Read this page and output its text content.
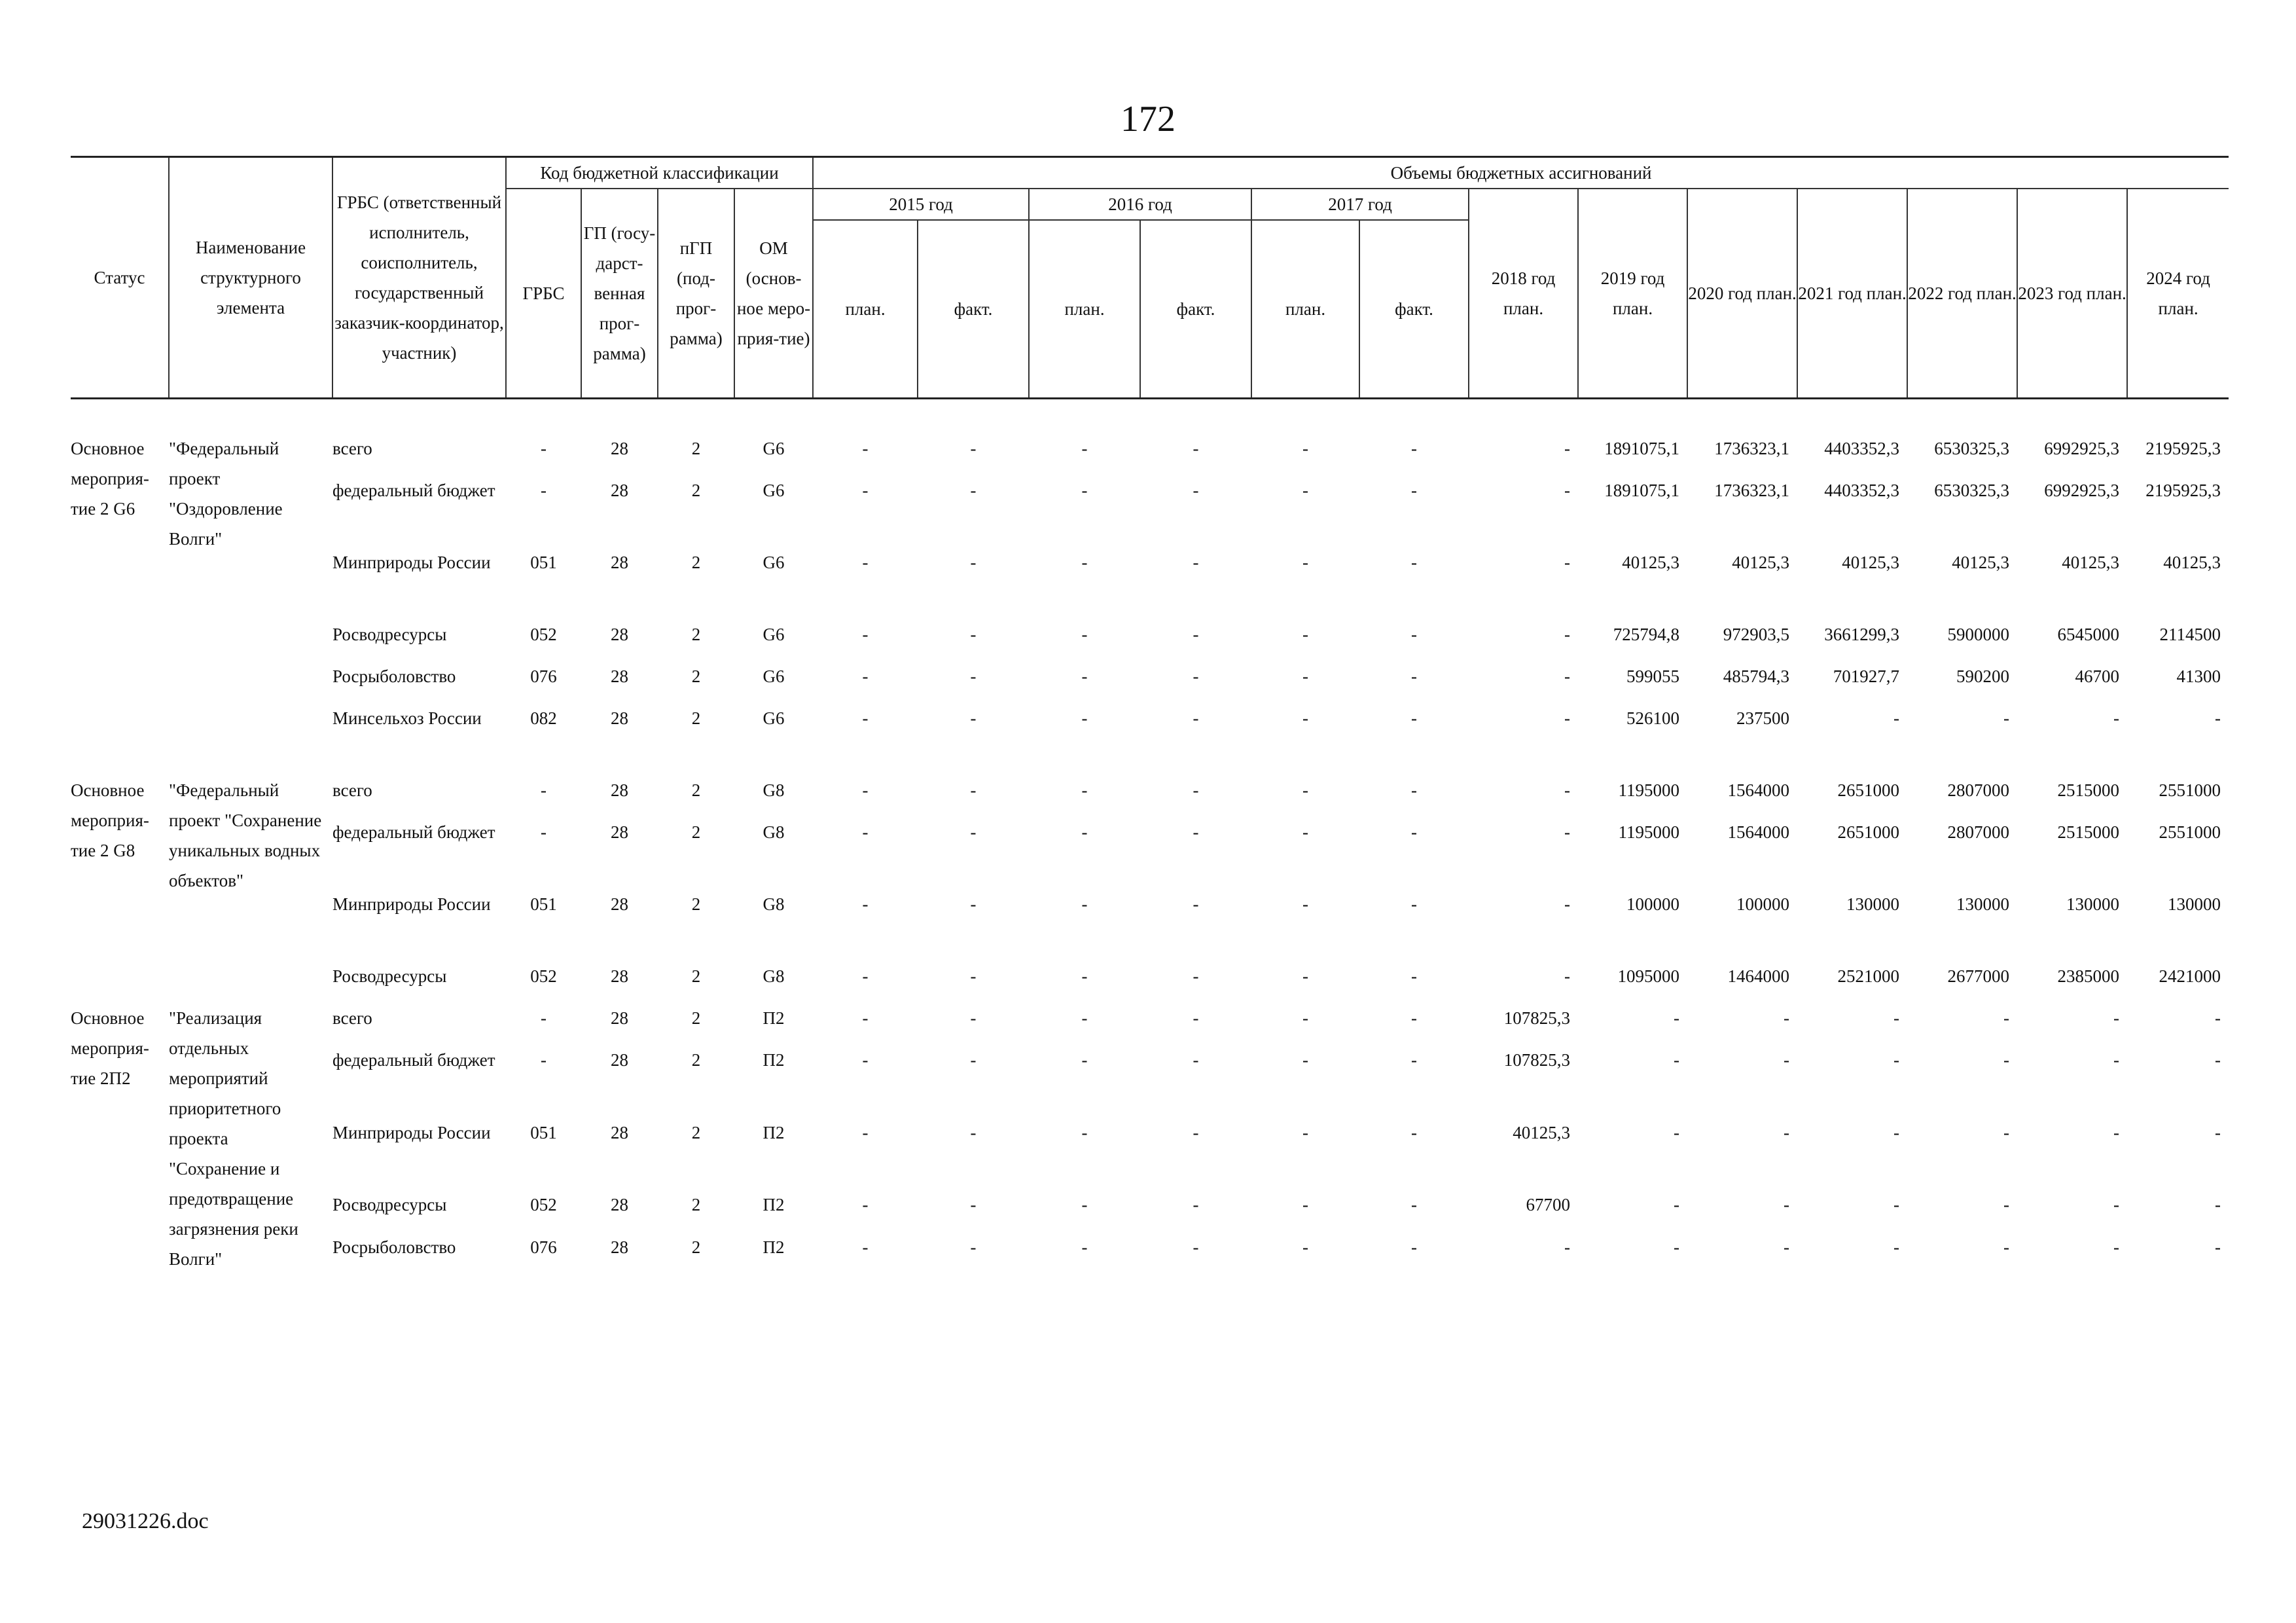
172
Статус	Наименование структурного элемента	ГРБС (ответственный исполнитель, соисполнитель, государственный заказчик-координатор, участник)	Код бюджетной классификации				Объемы бюджетных ассигнований												
			ГРБС	ГП (госу-дарст-венная прог-рамма)	пГП (под-прог-рамма)	ОМ (основ-ное меро-прия-тие)	2015 год		2016 год		2017 год		2018 год план.	2019 год план.	2020 год план.	2021 год план.	2022 год план.	2023 год план.	2024 год план.
							план.	факт.	план.	факт.	план.	факт.							
Основное мероприя-тие 2 G6	"Федеральный проект "Оздоровление Волги"	всего	-	28	2	G6	-	-	-	-	-	-	-	1891075,1	1736323,1	4403352,3	6530325,3	6992925,3	2195925,3
		федеральный бюджет	-	28	2	G6	-	-	-	-	-	-	-	1891075,1	1736323,1	4403352,3	6530325,3	6992925,3	2195925,3
		Минприроды России	051	28	2	G6	-	-	-	-	-	-	-	40125,3	40125,3	40125,3	40125,3	40125,3	40125,3
		Росводресурсы	052	28	2	G6	-	-	-	-	-	-	-	725794,8	972903,5	3661299,3	5900000	6545000	2114500
		Росрыболовство	076	28	2	G6	-	-	-	-	-	-	-	599055	485794,3	701927,7	590200	46700	41300
		Минсельхоз России	082	28	2	G6	-	-	-	-	-	-	-	526100	237500	-	-	-	-
Основное мероприя-тие 2 G8	"Федеральный проект "Сохранение уникальных водных объектов"	всего	-	28	2	G8	-	-	-	-	-	-	-	1195000	1564000	2651000	2807000	2515000	2551000
		федеральный бюджет	-	28	2	G8	-	-	-	-	-	-	-	1195000	1564000	2651000	2807000	2515000	2551000
		Минприроды России	051	28	2	G8	-	-	-	-	-	-	-	100000	100000	130000	130000	130000	130000
		Росводресурсы	052	28	2	G8	-	-	-	-	-	-	-	1095000	1464000	2521000	2677000	2385000	2421000
Основное мероприя-тие 2П2	"Реализация отдельных мероприятий приоритетного проекта "Сохранение и предотвращение загрязнения реки Волги"	всего	-	28	2	П2	-	-	-	-	-	-	107825,3	-	-	-	-	-	-
		федеральный бюджет	-	28	2	П2	-	-	-	-	-	-	107825,3	-	-	-	-	-	-
		Минприроды России	051	28	2	П2	-	-	-	-	-	-	40125,3	-	-	-	-	-	-
		Росводресурсы	052	28	2	П2	-	-	-	-	-	-	67700	-	-	-	-	-	-
		Росрыболовство	076	28	2	П2	-	-	-	-	-	-	-	-	-	-	-	-	-
29031226.doc
